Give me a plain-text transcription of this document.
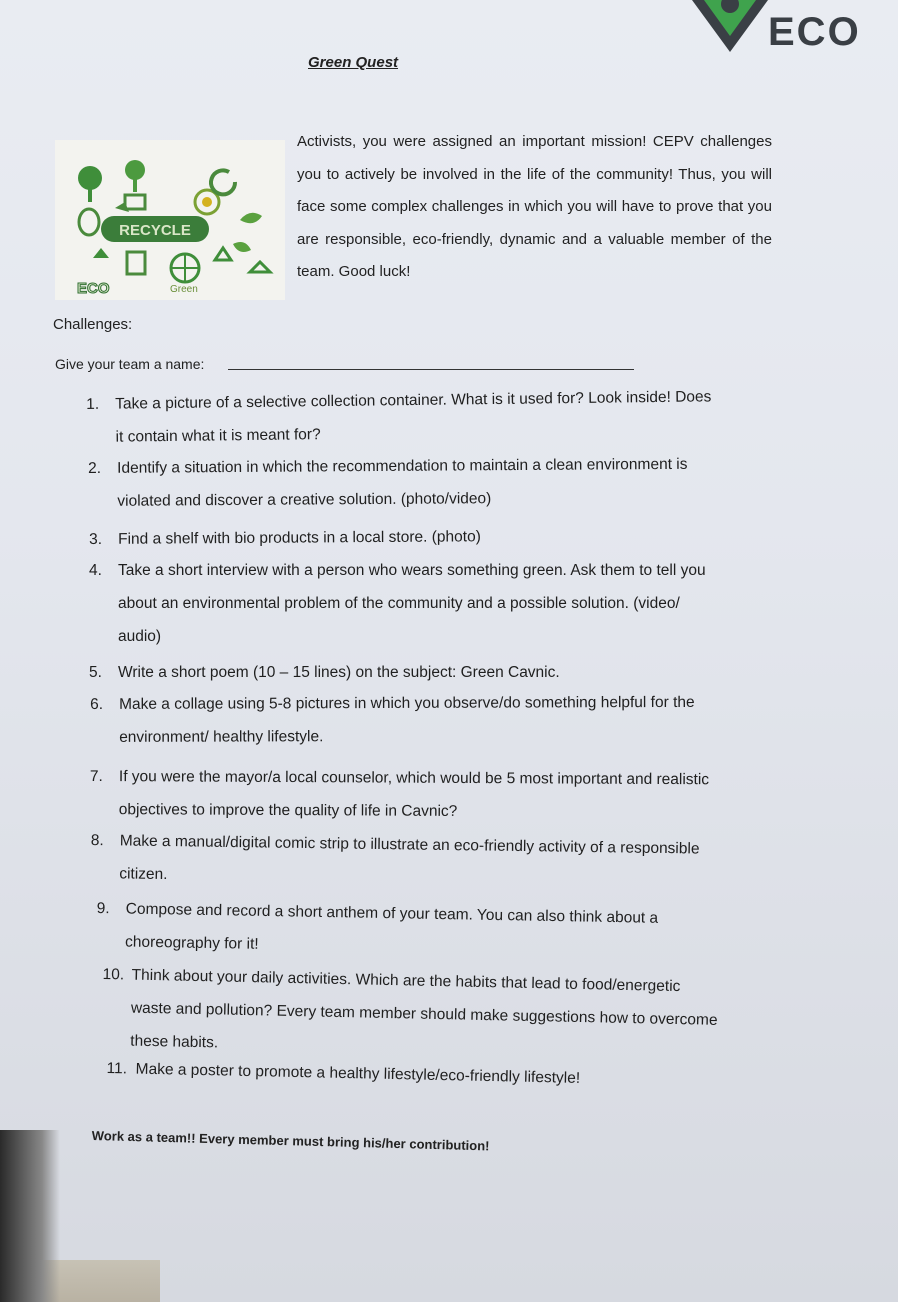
ECO
Green Quest
RECYCLE
ECO	Green
Activists, you were assigned an important mission! CEPV challenges you to actively be involved in the life of the community! Thus, you will face some complex challenges in which you will have to prove that you are responsible, eco-friendly, dynamic and a valuable member of the team. Good luck!
Challenges:
Give your team a name:
1. Take a picture of a selective collection container. What is it used for? Look inside! Does
it contain what it is meant for?
2. Identify a situation in which the recommendation to maintain a clean environment is
violated and discover a creative solution. (photo/video)
3. Find a shelf with bio products in a local store. (photo)
4. Take a short interview with a person who wears something green. Ask them to tell you
about an environmental problem of the community and a possible solution. (video/
audio)
5. Write a short poem (10 – 15 lines) on the subject: Green Cavnic.
6. Make a collage using 5-8 pictures in which you observe/do something helpful for the
environment/ healthy lifestyle.
7. If you were the mayor/a local counselor, which would be 5 most important and realistic
objectives to improve the quality of life in Cavnic?
8. Make a manual/digital comic strip to illustrate an eco-friendly activity of a responsible
citizen.
9. Compose and record a short anthem of your team. You can also think about a
choreography for it!
10. Think about your daily activities. Which are the habits that lead to food/energetic
waste and pollution? Every team member should make suggestions how to overcome
these habits.
11. Make a poster to promote a healthy lifestyle/eco-friendly lifestyle!
Work as a team!! Every member must bring his/her contribution!
